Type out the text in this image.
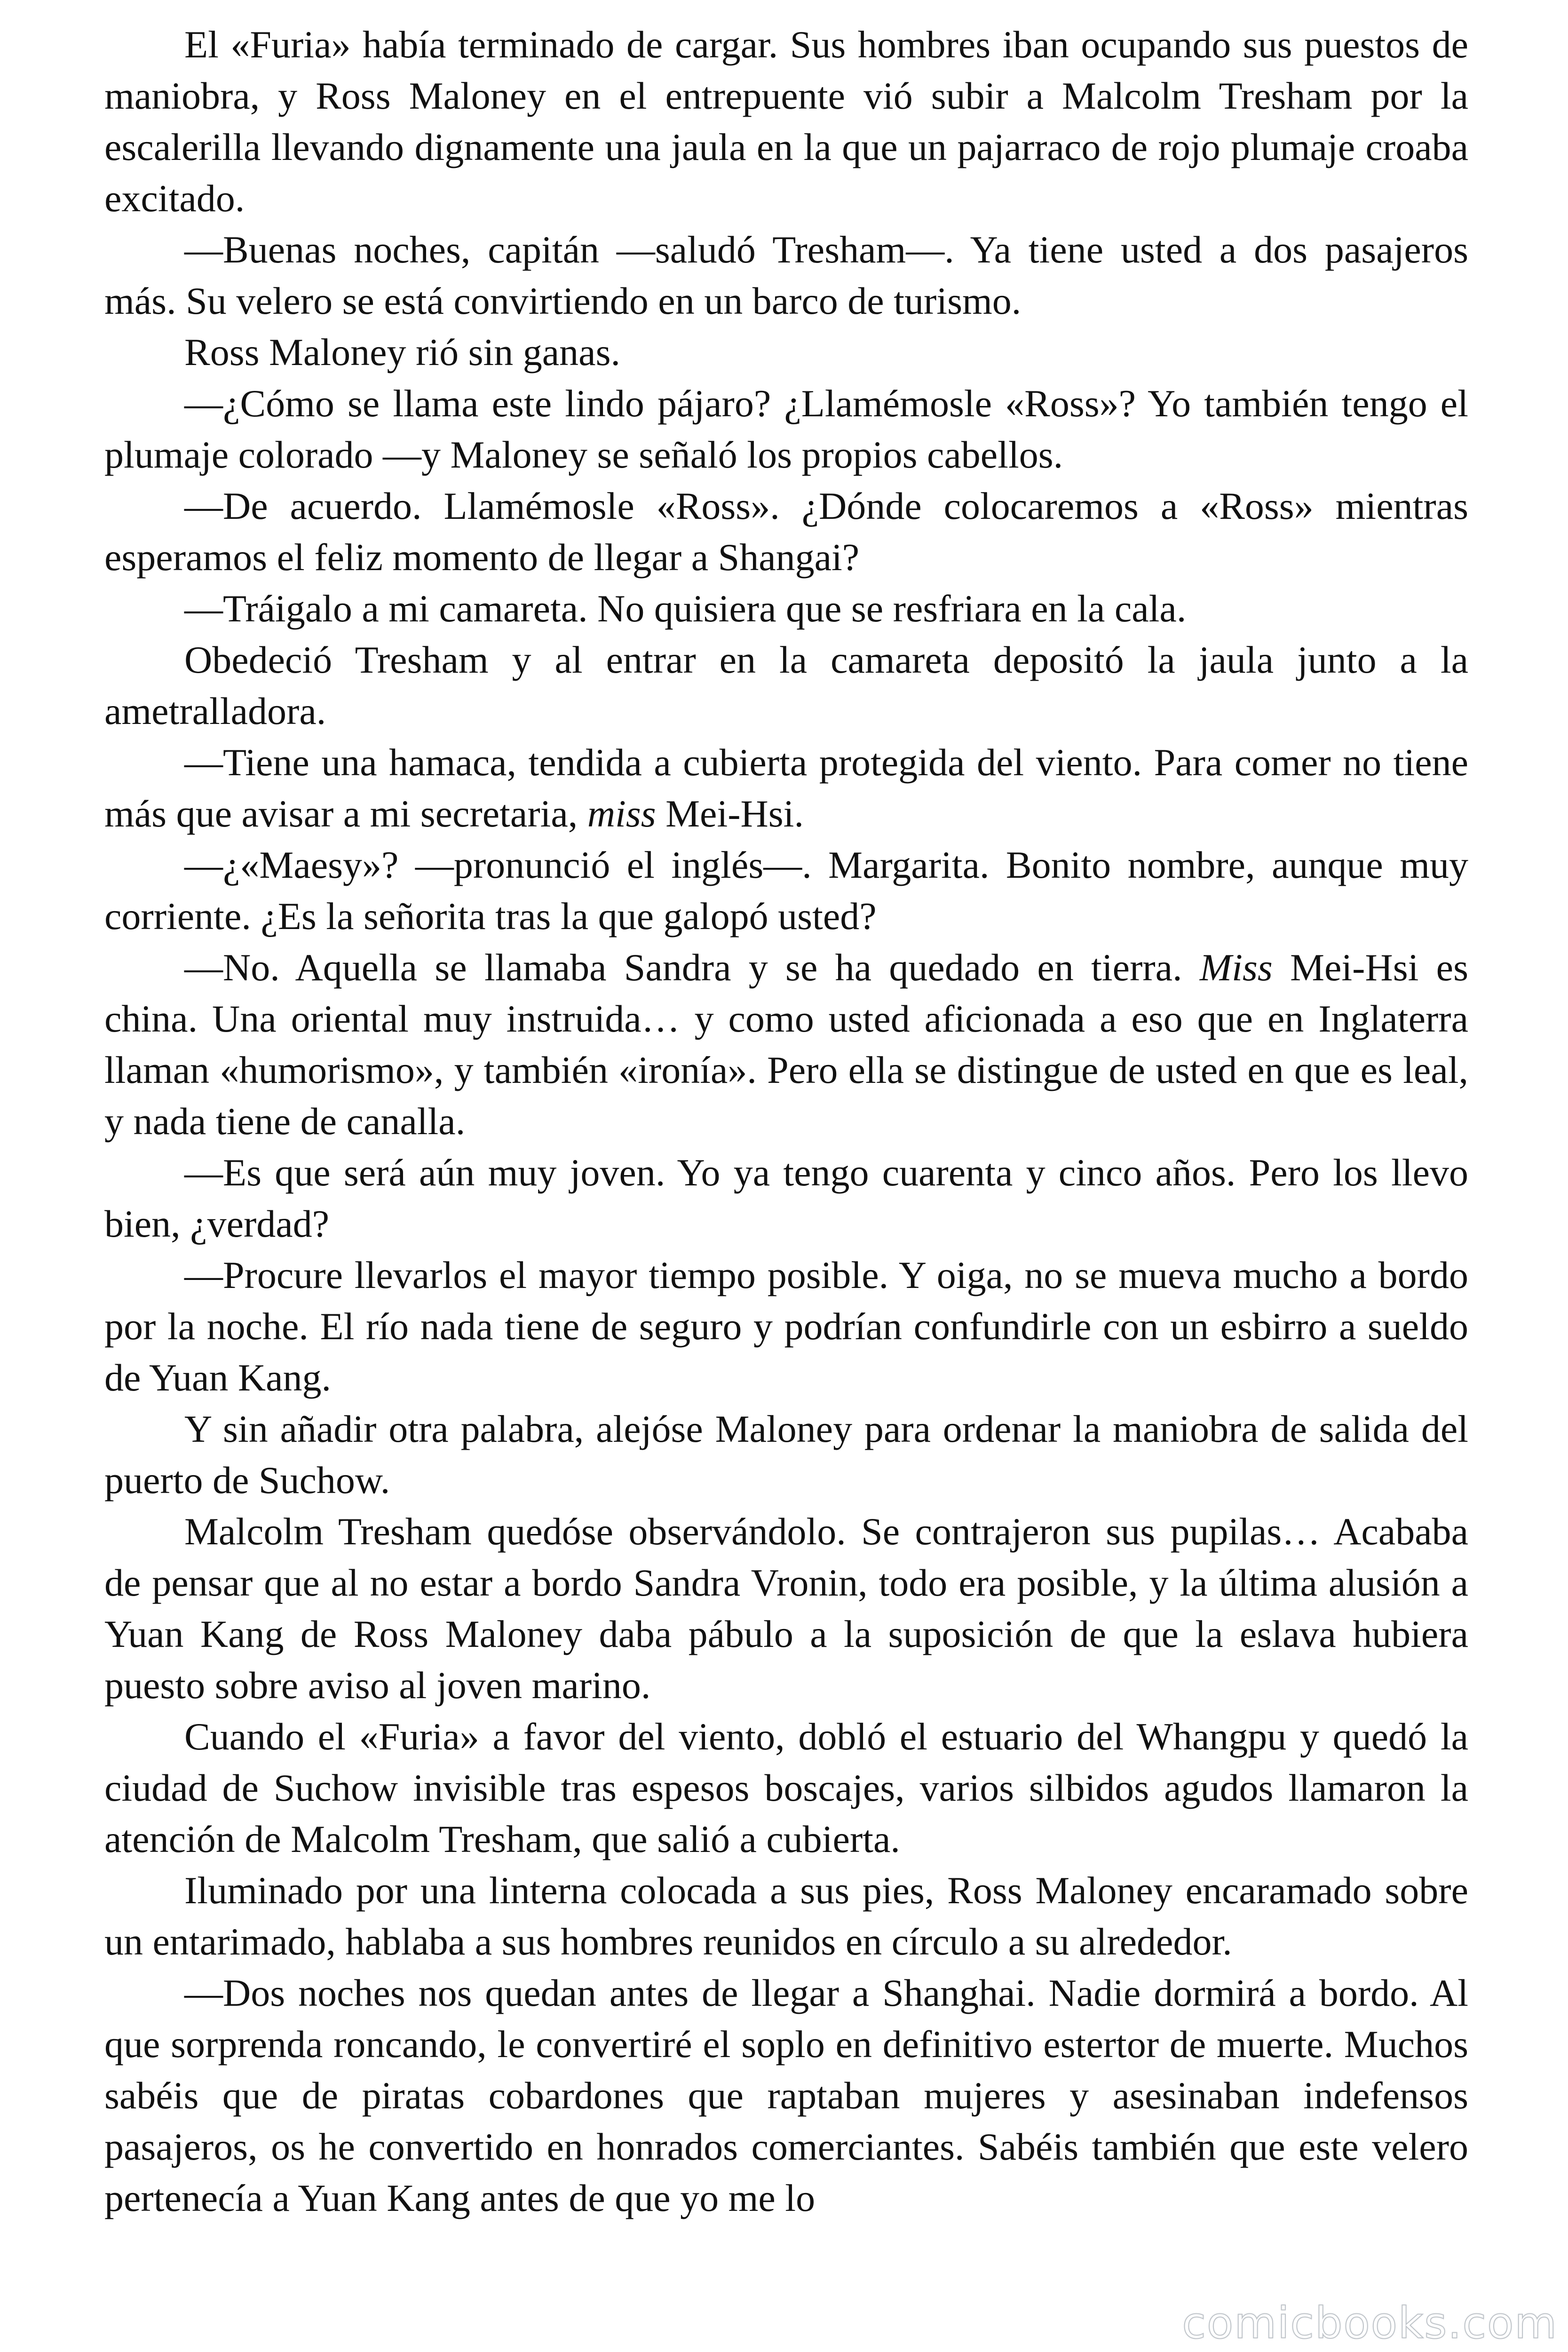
El «Furia» había terminado de cargar. Sus hombres iban ocupando sus puestos de maniobra, y Ross Maloney en el entrepuente vió subir a Malcolm Tresham por la escalerilla llevando dignamente una jaula en la que un pajarraco de rojo plumaje croaba excitado.

—Buenas noches, capitán —saludó Tresham—. Ya tiene usted a dos pasajeros más. Su velero se está convirtiendo en un barco de turismo.

Ross Maloney rió sin ganas.

—¿Cómo se llama este lindo pájaro? ¿Llamémosle «Ross»? Yo también tengo el plumaje colorado —y Maloney se señaló los propios cabellos.

—De acuerdo. Llamémosle «Ross». ¿Dónde colocaremos a «Ross» mientras esperamos el feliz momento de llegar a Shangai?

—Tráigalo a mi camareta. No quisiera que se resfriara en la cala.

Obedeció Tresham y al entrar en la camareta depositó la jaula junto a la ametralladora.

—Tiene una hamaca, tendida a cubierta protegida del viento. Para comer no tiene más que avisar a mi secretaria, miss Mei-Hsi.

—¿«Maesy»? —pronunció el inglés—. Margarita. Bonito nombre, aunque muy corriente. ¿Es la señorita tras la que galopó usted?

—No. Aquella se llamaba Sandra y se ha quedado en tierra. Miss Mei-Hsi es china. Una oriental muy instruida… y como usted aficionada a eso que en Inglaterra llaman «humorismo», y también «ironía». Pero ella se distingue de usted en que es leal, y nada tiene de canalla.

—Es que será aún muy joven. Yo ya tengo cuarenta y cinco años. Pero los llevo bien, ¿verdad?

—Procure llevarlos el mayor tiempo posible. Y oiga, no se mueva mucho a bordo por la noche. El río nada tiene de seguro y podrían confundirle con un esbirro a sueldo de Yuan Kang.

Y sin añadir otra palabra, alejóse Maloney para ordenar la maniobra de salida del puerto de Suchow.

Malcolm Tresham quedóse observándolo. Se contrajeron sus pupilas… Acababa de pensar que al no estar a bordo Sandra Vronin, todo era posible, y la última alusión a Yuan Kang de Ross Maloney daba pábulo a la suposición de que la eslava hubiera puesto sobre aviso al joven marino.

Cuando el «Furia» a favor del viento, dobló el estuario del Whangpu y quedó la ciudad de Suchow invisible tras espesos boscajes, varios silbidos agudos llamaron la atención de Malcolm Tresham, que salió a cubierta.

Iluminado por una linterna colocada a sus pies, Ross Maloney encaramado sobre un entarimado, hablaba a sus hombres reunidos en círculo a su alrededor.

—Dos noches nos quedan antes de llegar a Shanghai. Nadie dormirá a bordo. Al que sorprenda roncando, le convertiré el soplo en definitivo estertor de muerte. Muchos sabéis que de piratas cobardones que raptaban mujeres y asesinaban indefensos pasajeros, os he convertido en honrados comerciantes. Sabéis también que este velero pertenecía a Yuan Kang antes de que yo me lo

comicbooks.com
